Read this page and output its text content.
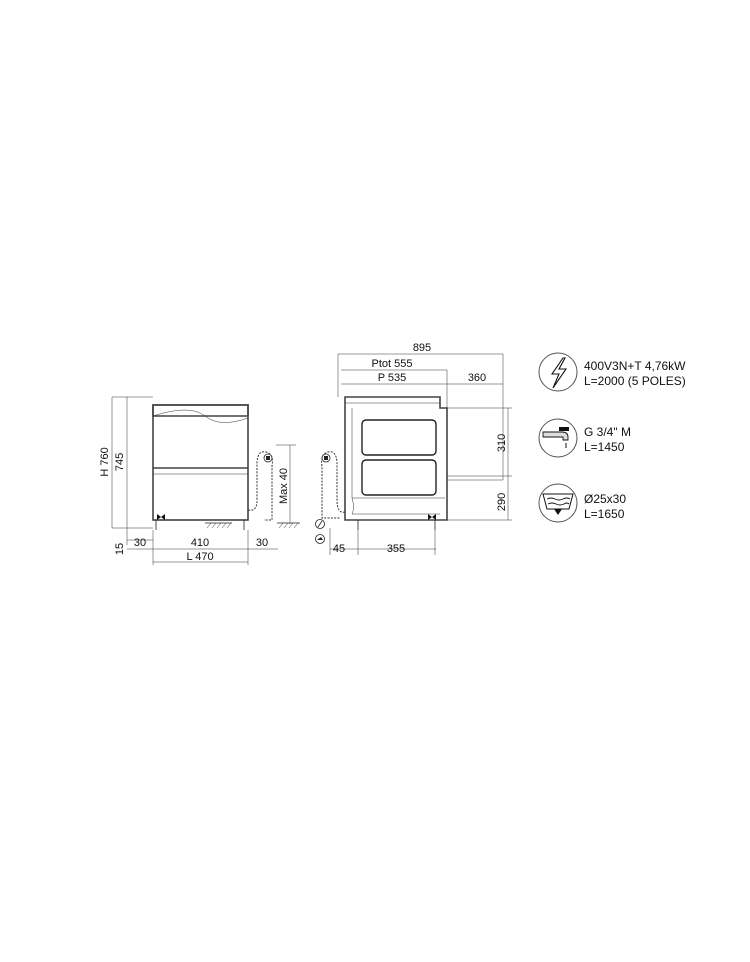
H 760 745
15 30	410	30
L 470
Max 40
895
Ptot 555
P 535	360
310
290
45	355
400V3N+T 4,76kW
L=2000 (5 POLES)
G 3/4" M
L=1450
Ø25x30
L=1650
